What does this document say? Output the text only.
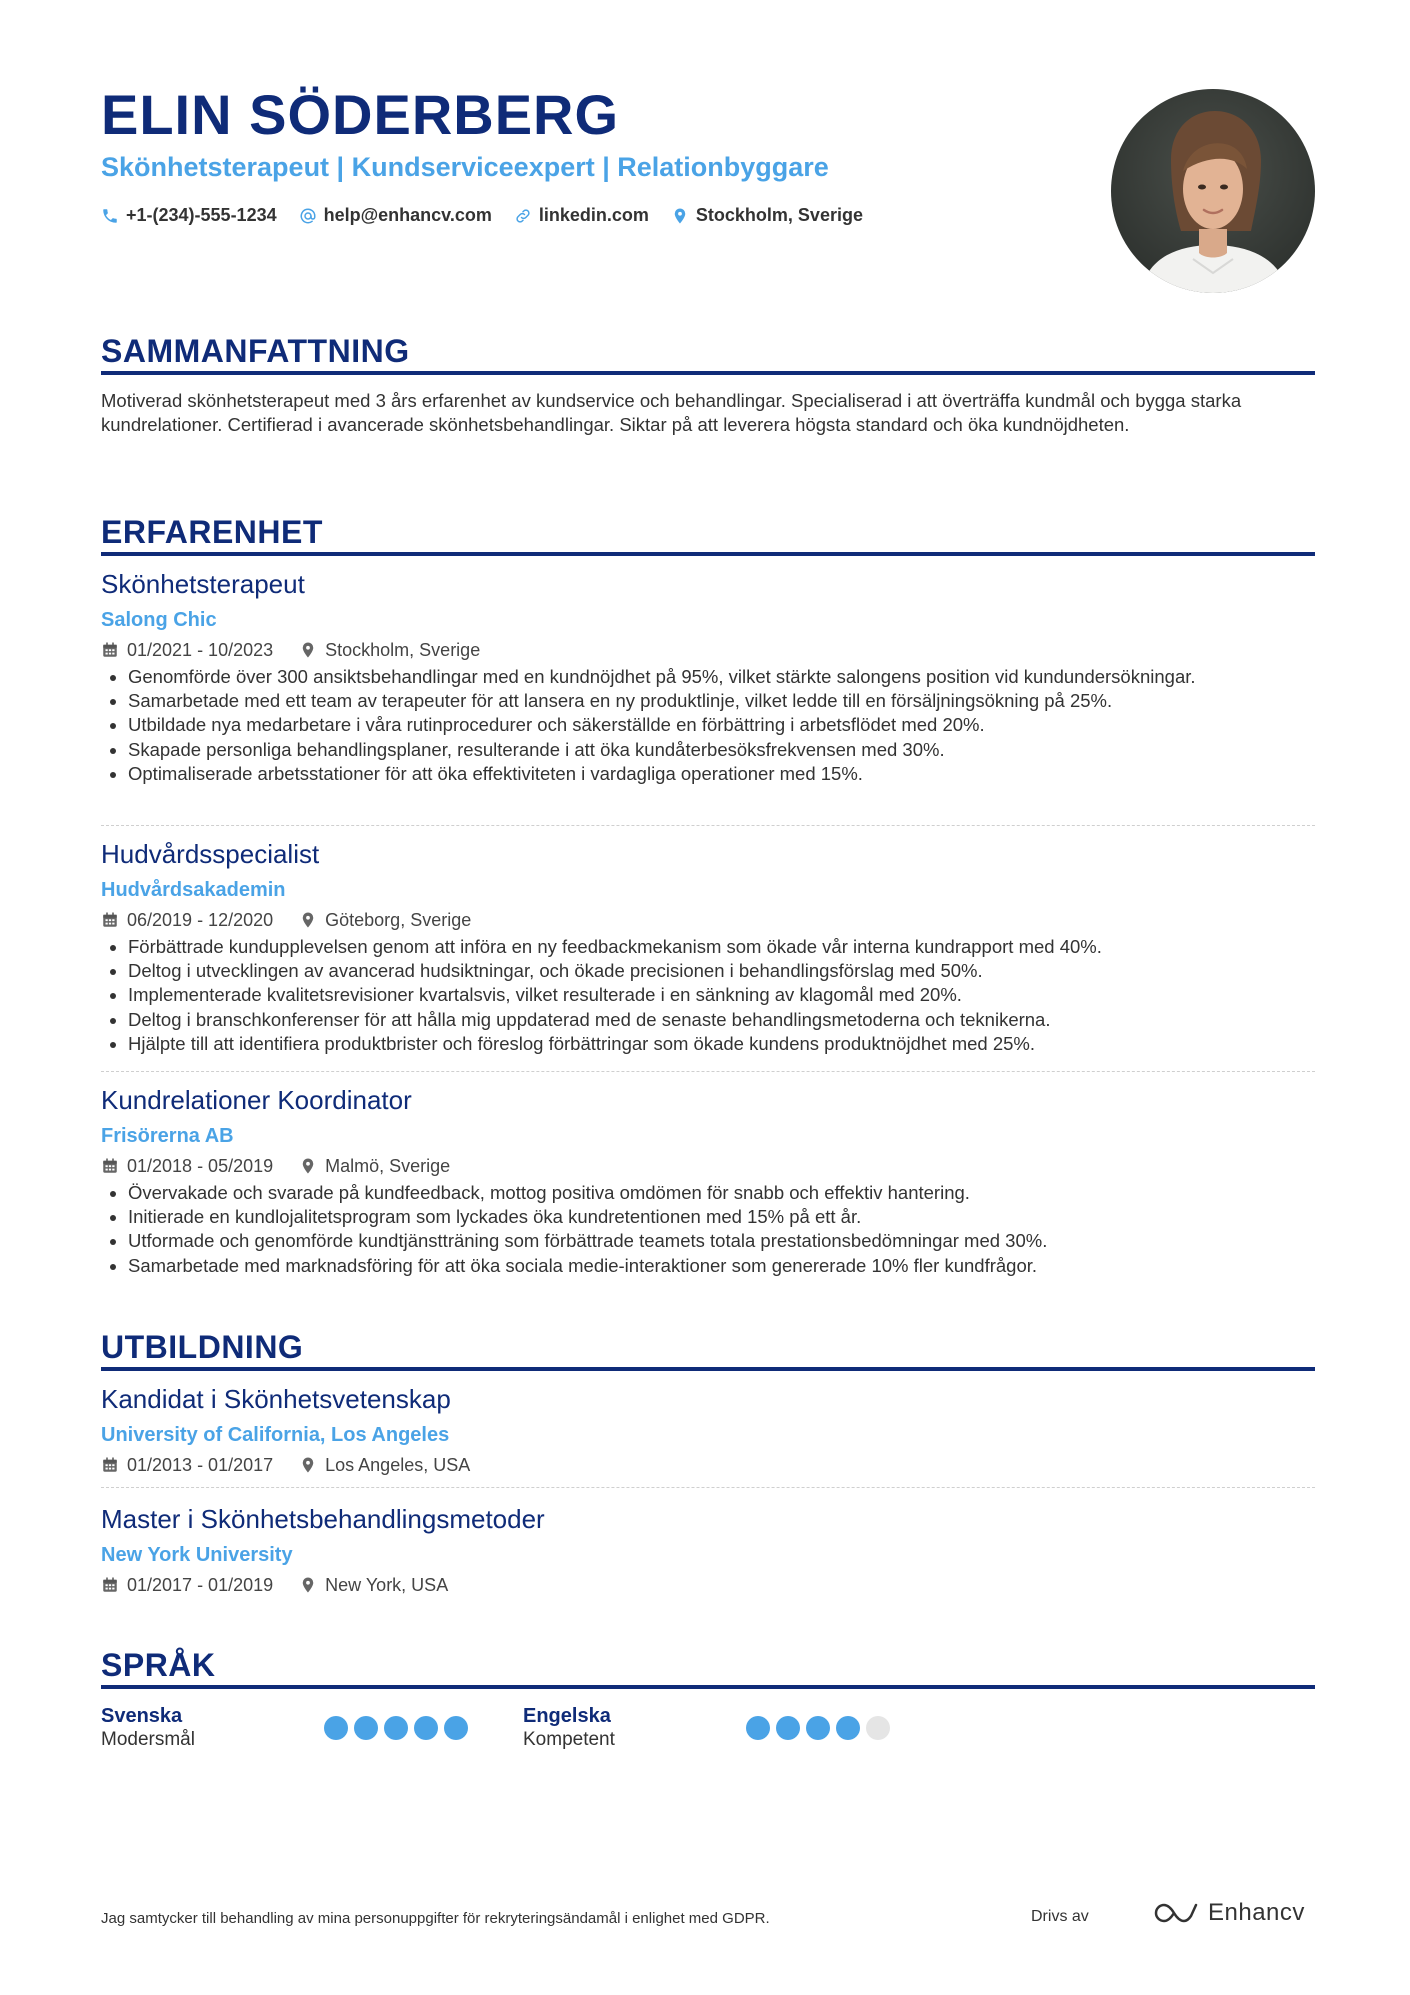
ELIN SÖDERBERG
Skönhetsterapeut | Kundserviceexpert | Relationbyggare
+1-(234)-555-1234	help@enhancv.com	linkedin.com	Stockholm, Sverige
SAMMANFATTNING

Motiverad skönhetsterapeut med 3 års erfarenhet av kundservice och behandlingar. Specialiserad i att överträffa kundmål och bygga starka kundrelationer. Certifierad i avancerade skönhetsbehandlingar. Siktar på att leverera högsta standard och öka kundnöjdheten.

ERFARENHET
Skönhetsterapeut
Salong Chic
01/2021 - 10/2023	Stockholm, Sverige
• Genomförde över 300 ansiktsbehandlingar med en kundnöjdhet på 95%, vilket stärkte salongens position vid kundundersökningar.
• Samarbetade med ett team av terapeuter för att lansera en ny produktlinje, vilket ledde till en försäljningsökning på 25%.
• Utbildade nya medarbetare i våra rutinprocedurer och säkerställde en förbättring i arbetsflödet med 20%.
• Skapade personliga behandlingsplaner, resulterande i att öka kundåterbesöksfrekvensen med 30%.
• Optimaliserade arbetsstationer för att öka effektiviteten i vardagliga operationer med 15%.
Hudvårdsspecialist
Hudvårdsakademin
06/2019 - 12/2020	Göteborg, Sverige
• Förbättrade kundupplevelsen genom att införa en ny feedbackmekanism som ökade vår interna kundrapport med 40%.
• Deltog i utvecklingen av avancerad hudsiktningar, och ökade precisionen i behandlingsförslag med 50%.
• Implementerade kvalitetsrevisioner kvartalsvis, vilket resulterade i en sänkning av klagomål med 20%.
• Deltog i branschkonferenser för att hålla mig uppdaterad med de senaste behandlingsmetoderna och teknikerna.
• Hjälpte till att identifiera produktbrister och föreslog förbättringar som ökade kundens produktnöjdhet med 25%.
Kundrelationer Koordinator
Frisörerna AB
01/2018 - 05/2019	Malmö, Sverige
• Övervakade och svarade på kundfeedback, mottog positiva omdömen för snabb och effektiv hantering.
• Initierade en kundlojalitetsprogram som lyckades öka kundretentionen med 15% på ett år.
• Utformade och genomförde kundtjänstträning som förbättrade teamets totala prestationsbedömningar med 30%.
• Samarbetade med marknadsföring för att öka sociala medie-interaktioner som genererade 10% fler kundfrågor.
UTBILDNING
Kandidat i Skönhetsvetenskap
University of California, Los Angeles
01/2013 - 01/2017	Los Angeles, USA
Master i Skönhetsbehandlingsmetoder
New York University
01/2017 - 01/2019	New York, USA
SPRÅK
Svenska
Modersmål
Engelska
Kompetent
Jag samtycker till behandling av mina personuppgifter för rekryteringsändamål i enlighet med GDPR.	Drivs av	Enhancv
